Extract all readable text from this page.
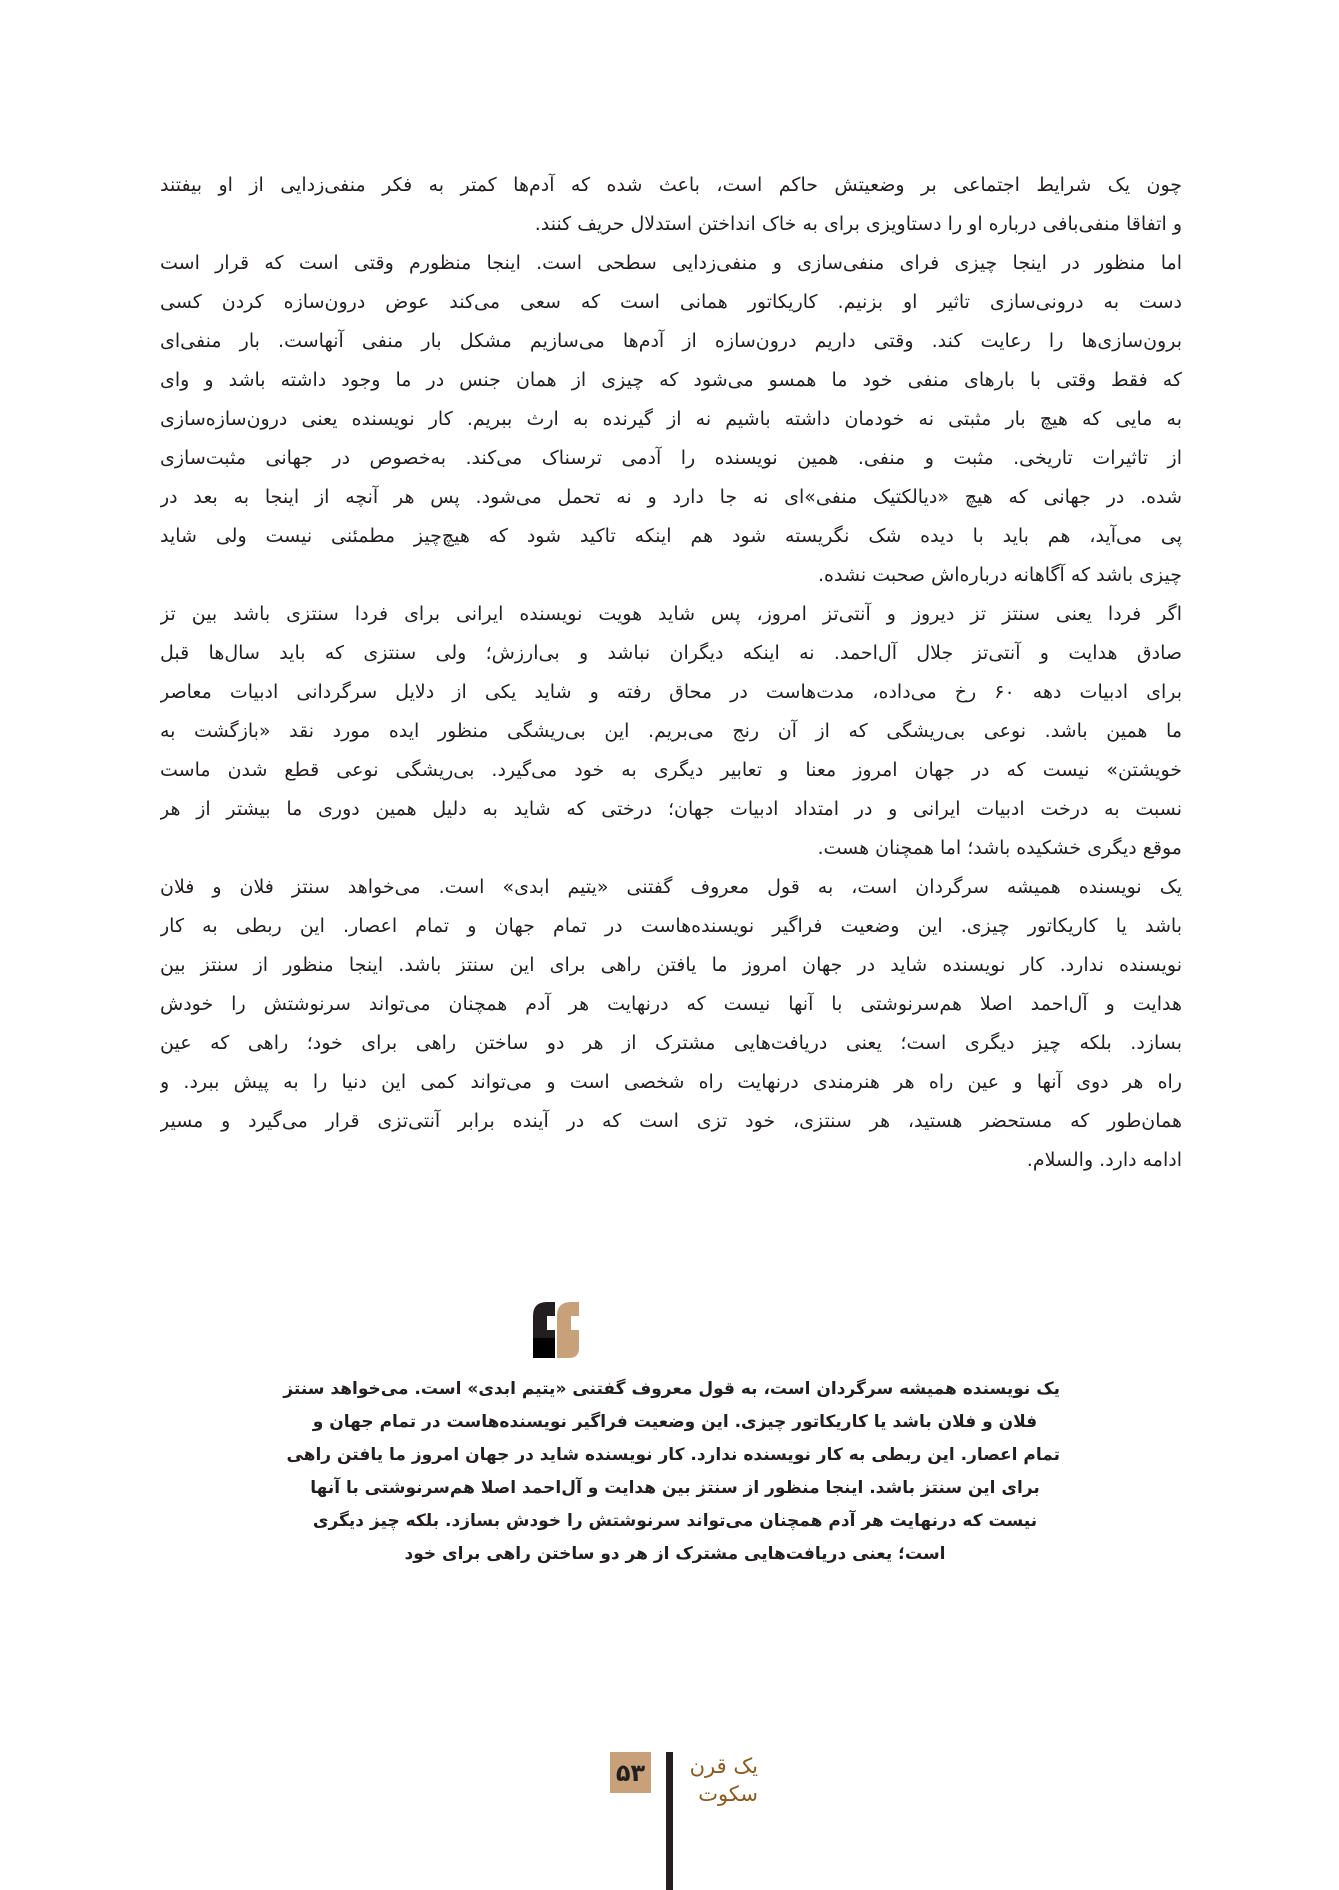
چون یک شرایط اجتماعی بر وضعیتش حاکم است، باعث شده که آدم‌ها کمتر به فکر منفی‌زدایی از او بیفتند
و اتفاقا منفی‌بافی درباره او را دستاویزی برای به خاک انداختن استدلال حریف کنند.
اما منظور در اینجا چیزی فرای منفی‌سازی و منفی‌زدایی سطحی است. اینجا منظورم وقتی است که قرار است
دست به درونی‌سازی تاثیر او بزنیم. کاریکاتور همانی است که سعی می‌کند عوض درون‌سازه کردن کسی
برون‌سازی‌ها را رعایت کند. وقتی داریم درون‌سازه از آدم‌ها می‌سازیم مشکل بار منفی آنهاست. بار منفی‌ای
که فقط وقتی با بارهای منفی خود ما همسو می‌شود که چیزی از همان جنس در ما وجود داشته باشد و وای
به مایی که هیچ بار مثبتی نه خودمان داشته باشیم نه از گیرنده به ارث ببریم. کار نویسنده یعنی درون‌سازه‌سازی
از تاثیرات تاریخی. مثبت و منفی. همین نویسنده را آدمی ترسناک می‌کند. به‌خصوص در جهانی مثبت‌سازی
شده. در جهانی که هیچ «دیالکتیک منفی»ای نه جا دارد و نه تحمل می‌شود. پس هر آنچه از اینجا به بعد در
پی می‌آید، هم باید با دیده شک نگریسته شود هم اینکه تاکید شود که هیچ‌چیز مطمئنی نیست ولی شاید
چیزی باشد که آگاهانه درباره‌اش صحبت نشده.
اگر فردا یعنی سنتز تز دیروز و آنتی‌تز امروز، پس شاید هویت نویسنده ایرانی برای فردا سنتزی باشد بین تز
صادق هدایت و آنتی‌تز جلال آل‌احمد. نه اینکه دیگران نباشد و بی‌ارزش؛ ولی سنتزی که باید سال‌ها قبل
برای ادبیات دهه ۶۰ رخ می‌داده، مدت‌هاست در محاق رفته و شاید یکی از دلایل سرگردانی ادبیات معاصر
ما همین باشد. نوعی بی‌ریشگی که از آن رنج می‌بریم. این بی‌ریشگی منظور ایده مورد نقد «بازگشت به
خویشتن» نیست که در جهان امروز معنا و تعابیر دیگری به خود می‌گیرد. بی‌ریشگی نوعی قطع شدن ماست
نسبت به درخت ادبیات ایرانی و در امتداد ادبیات جهان؛ درختی که شاید به دلیل همین دوری ما بیشتر از هر
موقع دیگری خشکیده باشد؛ اما همچنان هست.
یک نویسنده همیشه سرگردان است، به قول معروف گفتنی «یتیم ابدی» است. می‌خواهد سنتز فلان و فلان
باشد یا کاریکاتور چیزی. این وضعیت فراگیر نویسنده‌هاست در تمام جهان و تمام اعصار. این ربطی به کار
نویسنده ندارد. کار نویسنده شاید در جهان امروز ما یافتن راهی برای این سنتز باشد. اینجا منظور از سنتز بین
هدایت و آل‌احمد اصلا هم‌سرنوشتی با آنها نیست که درنهایت هر آدم همچنان می‌تواند سرنوشتش را خودش
بسازد. بلکه چیز دیگری است؛ یعنی دریافت‌هایی مشترک از هر دو ساختن راهی برای خود؛ راهی که عین
راه هر دوی آنها و عین راه هر هنرمندی درنهایت راه شخصی است و می‌تواند کمی این دنیا را به پیش ببرد. و
همان‌طور که مستحضر هستید، هر سنتزی، خود تزی است که در آینده برابر آنتی‌تزی قرار می‌گیرد و مسیر
ادامه دارد. والسلام.
یک نویسنده همیشه سرگردان است، به قول معروف گفتنی «یتیم ابدی» است. می‌خواهد سنتز
فلان و فلان باشد یا کاریکاتور چیزی. این وضعیت فراگیر نویسنده‌هاست در تمام جهان و
تمام اعصار. این ربطی به کار نویسنده ندارد. کار نویسنده شاید در جهان امروز ما یافتن راهی
برای این سنتز باشد. اینجا منظور از سنتز بین هدایت و آل‌احمد اصلا هم‌سرنوشتی با آنها
نیست که درنهایت هر آدم همچنان می‌تواند سرنوشتش را خودش بسازد. بلکه چیز دیگری
است؛ یعنی دریافت‌هایی مشترک از هر دو ساختن راهی برای خود
۵۳ یک قرن
سکوت
